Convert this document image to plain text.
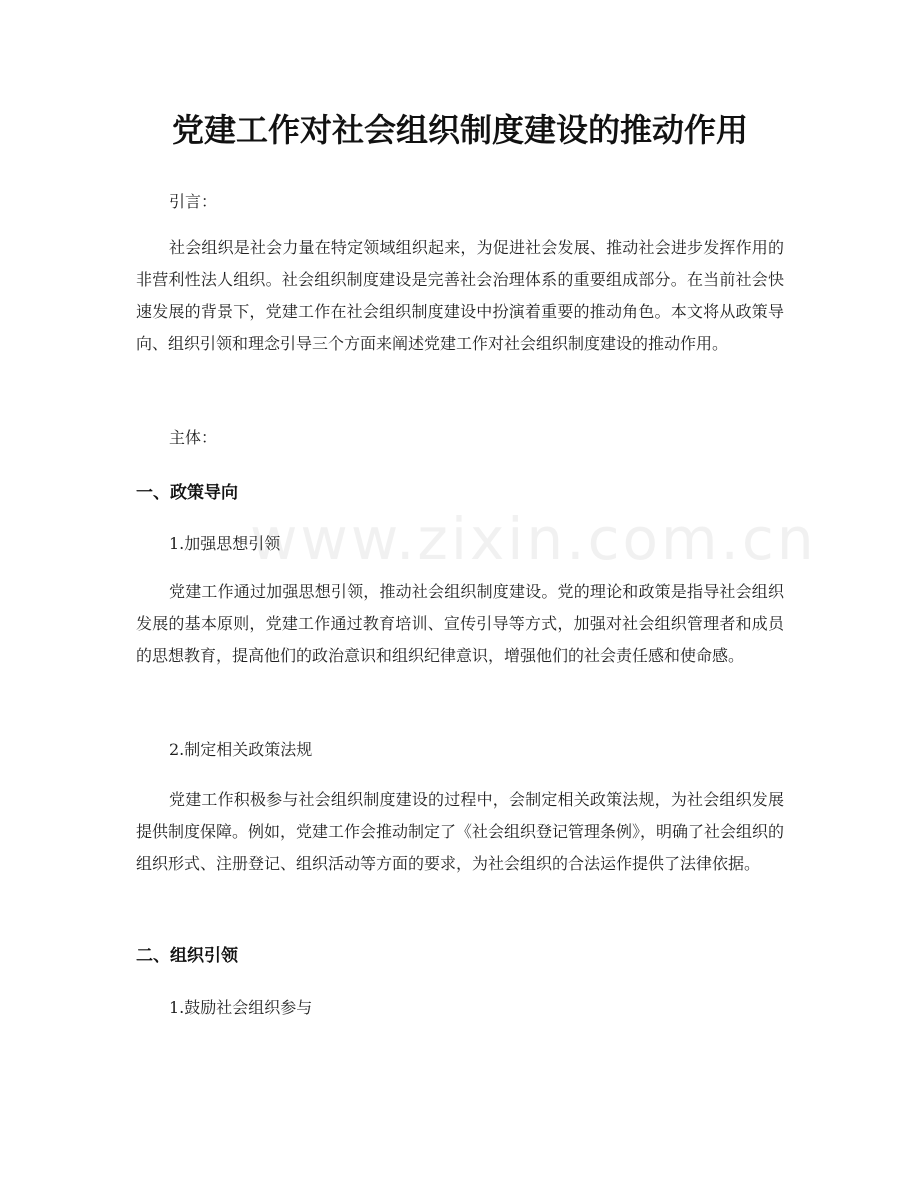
www.zixin.com.cn
党建工作对社会组织制度建设的推动作用

引言：

社会组织是社会力量在特定领域组织起来，为促进社会发展、推动社会进步发挥作用的非营利性法人组织。社会组织制度建设是完善社会治理体系的重要组成部分。在当前社会快速发展的背景下，党建工作在社会组织制度建设中扮演着重要的推动角色。本文将从政策导向、组织引领和理念引导三个方面来阐述党建工作对社会组织制度建设的推动作用。

主体：

一、政策导向

1.加强思想引领

党建工作通过加强思想引领，推动社会组织制度建设。党的理论和政策是指导社会组织发展的基本原则，党建工作通过教育培训、宣传引导等方式，加强对社会组织管理者和成员的思想教育，提高他们的政治意识和组织纪律意识，增强他们的社会责任感和使命感。

2.制定相关政策法规

党建工作积极参与社会组织制度建设的过程中，会制定相关政策法规，为社会组织发展提供制度保障。例如，党建工作会推动制定了《社会组织登记管理条例》，明确了社会组织的组织形式、注册登记、组织活动等方面的要求，为社会组织的合法运作提供了法律依据。

二、组织引领

1.鼓励社会组织参与
